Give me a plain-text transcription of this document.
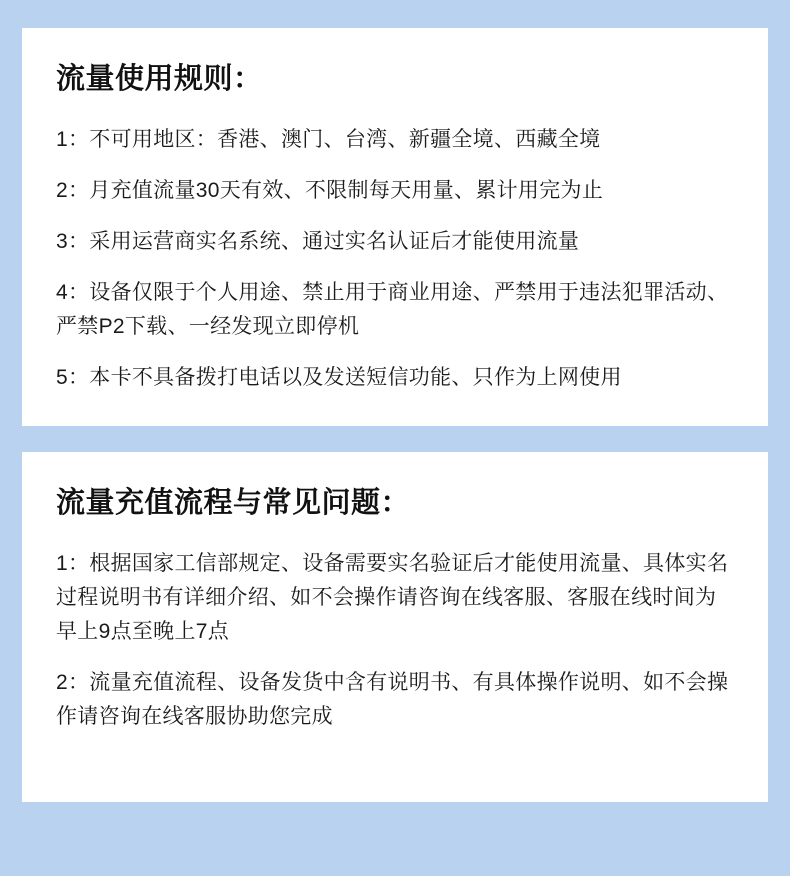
流量使用规则：
1：不可用地区：香港、澳门、台湾、新疆全境、西藏全境
2：月充值流量30天有效、不限制每天用量、累计用完为止
3：采用运营商实名系统、通过实名认证后才能使用流量
4：设备仅限于个人用途、禁止用于商业用途、严禁用于违法犯罪活动、严禁P2下载、一经发现立即停机
5：本卡不具备拨打电话以及发送短信功能、只作为上网使用
流量充值流程与常见问题：
1：根据国家工信部规定、设备需要实名验证后才能使用流量、具体实名过程说明书有详细介绍、如不会操作请咨询在线客服、客服在线时间为早上9点至晚上7点
2：流量充值流程、设备发货中含有说明书、有具体操作说明、如不会操作请咨询在线客服协助您完成
